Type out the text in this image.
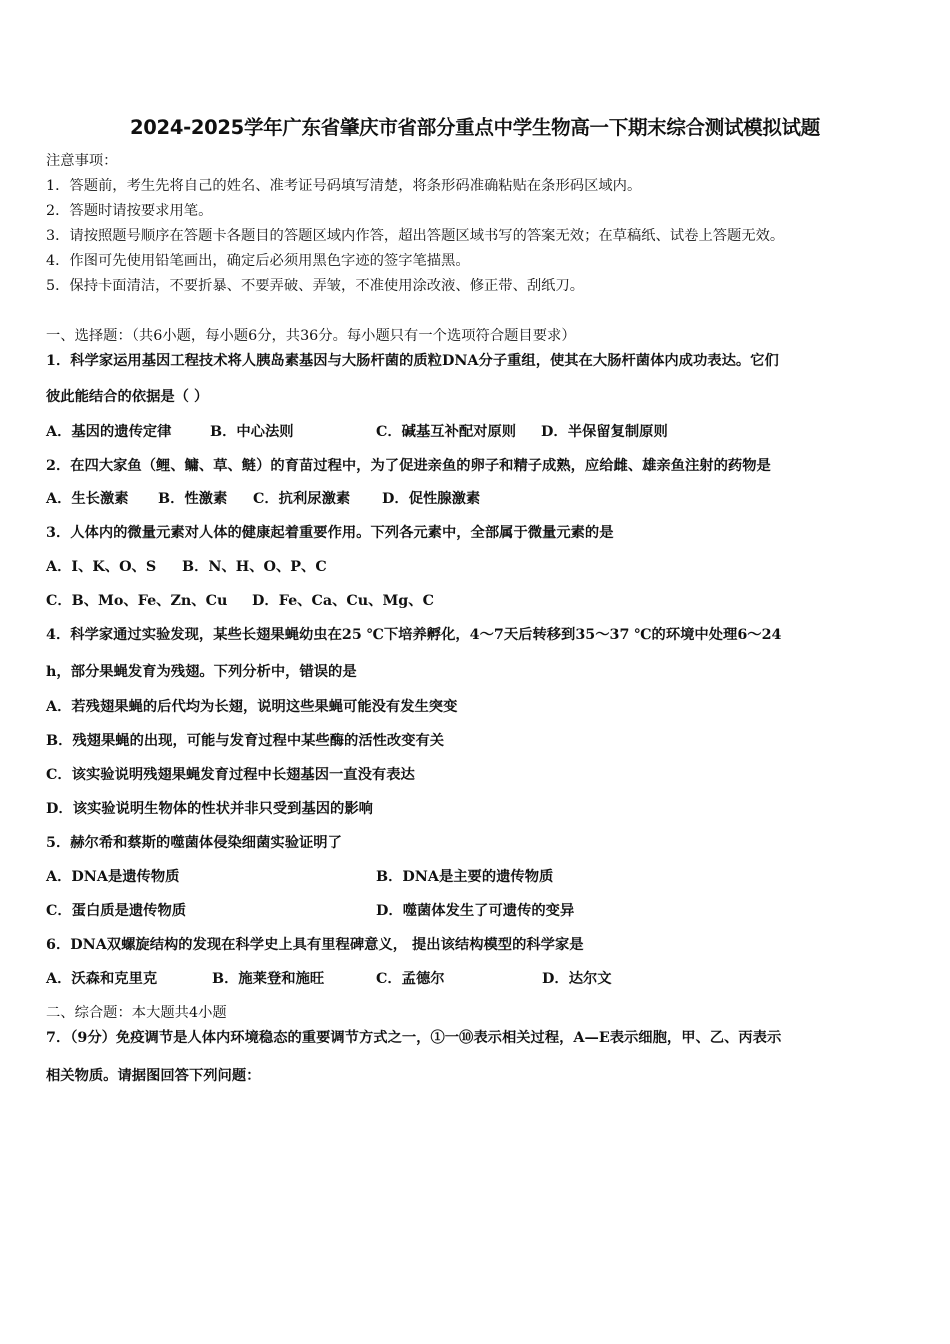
2024-2025学年广东省肇庆市省部分重点中学生物高一下期末综合测试模拟试题
注意事项：
1．答题前，考生先将自己的姓名、准考证号码填写清楚，将条形码准确粘贴在条形码区域内。
2．答题时请按要求用笔。
3．请按照题号顺序在答题卡各题目的答题区域内作答，超出答题区域书写的答案无效；在草稿纸、试卷上答题无效。
4．作图可先使用铅笔画出，确定后必须用黑色字迹的签字笔描黑。
5．保持卡面清洁，不要折暴、不要弄破、弄皱，不准使用涂改液、修正带、刮纸刀。
一、选择题：（共6小题，每小题6分，共36分。每小题只有一个选项符合题目要求）
1．科学家运用基因工程技术将人胰岛素基因与大肠杆菌的质粒DNA分子重组，使其在大肠杆菌体内成功表达。它们
彼此能结合的依据是（ ）
A．基因的遗传定律	B．中心法则	C．碱基互补配对原则 D．半保留复制原则
2．在四大家鱼（鲤、鳙、草、鲢）的育苗过程中，为了促进亲鱼的卵子和精子成熟，应给雌、雄亲鱼注射的药物是
A．生长激素 B．性激素 C．抗利尿激素 D．促性腺激素
3．人体内的微量元素对人体的健康起着重要作用。下列各元素中，全部属于微量元素的是
A．I、K、O、S B．N、H、O、P、C
C．B、Mo、Fe、Zn、Cu D．Fe、Ca、Cu、Mg、C
4．科学家通过实验发现，某些长翅果蝇幼虫在25 ℃下培养孵化，4～7天后转移到35～37 ℃的环境中处理6～24
h，部分果蝇发育为残翅。下列分析中，错误的是
A．若残翅果蝇的后代均为长翅，说明这些果蝇可能没有发生突变
B．残翅果蝇的出现，可能与发育过程中某些酶的活性改变有关
C．该实验说明残翅果蝇发育过程中长翅基因一直没有表达
D．该实验说明生物体的性状并非只受到基因的影响
5．赫尔希和蔡斯的噬菌体侵染细菌实验证明了
A．DNA是遗传物质	B．DNA是主要的遗传物质
C．蛋白质是遗传物质	D．噬菌体发生了可遗传的变异
6．DNA双螺旋结构的发现在科学史上具有里程碑意义， 提出该结构模型的科学家是
A．沃森和克里克	B．施莱登和施旺	C．孟德尔	D．达尔文
二、综合题：本大题共4小题
7．（9分）免疫调节是人体内环境稳态的重要调节方式之一，①一⑩表示相关过程，A—E表示细胞，甲、乙、丙表示
相关物质。请据图回答下列问题：
